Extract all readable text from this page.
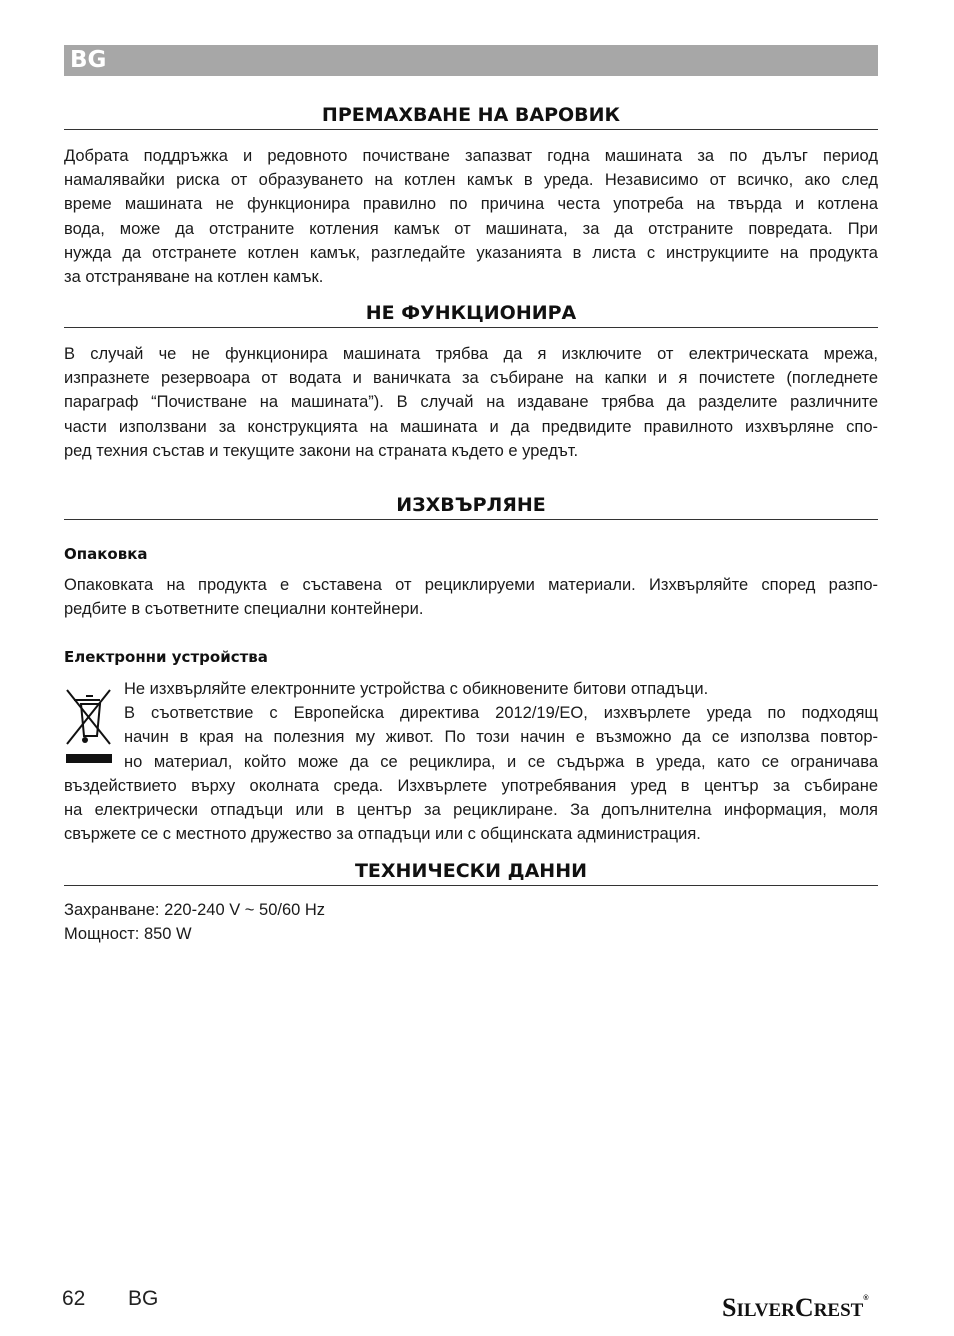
BG
ПРЕМАХВАНЕ НА ВАРОВИК

Добрата поддръжка и редовното почистване запазват годна машината за по дълъг период
намалявайки риска от образуването на котлен камък в уреда. Независимо от всичко, ако след
време машината не функционира правилно по причина честа употреба на твърда и котлена
вода, може да отстраните котления камък от машината, за да отстраните повредата. При
нужда да отстранете котлен камък, разгледайте указанията в листа с инструкциите на продукта
за отстраняване на котлен камък.

НЕ ФУНКЦИОНИРА

В случай че не функционира машината трябва да я изключите от електрическата мрежа,
изпразнете резервоара от водата и ваничката за събиране на капки и я почистете (погледнете
параграф “Почистване на машината”). В случай на издаване трябва да разделите различните
части използвани за конструкцията на машината и да предвидите правилното изхвърляне спо-
ред техния състав и текущите закони на страната където е уредът.

ИЗХВЪРЛЯНЕ
Опаковка

Опаковката на продукта е съставена от рециклируеми материали. Изхвърляйте според разпо-
редбите в съответните специални контейнери.

Електронни устройства

Не изхвърляйте електронните устройства с обикновените битови отпадъци.
В съответствие с Европейска директива 2012/19/ЕО, изхвърлете уреда по подходящ
начин в края на полезния му живот. По този начин е възможно да се използва повтор-
но материал, който може да се рециклира, и се съдържа в уреда, като се ограничава

въздействието върху околната среда. Изхвърлете употребявания уред в център за събиране
на електрически отпадъци или в център за рециклиране. За допълнителна информация, моля
свържете се с местното дружество за отпадъци или с общинската администрация.

ТЕХНИЧЕСКИ ДАННИ

Захранване: 220-240 V ~ 50/60 Hz
Мощност: 850 W

62 BG	SILVERCREST®
